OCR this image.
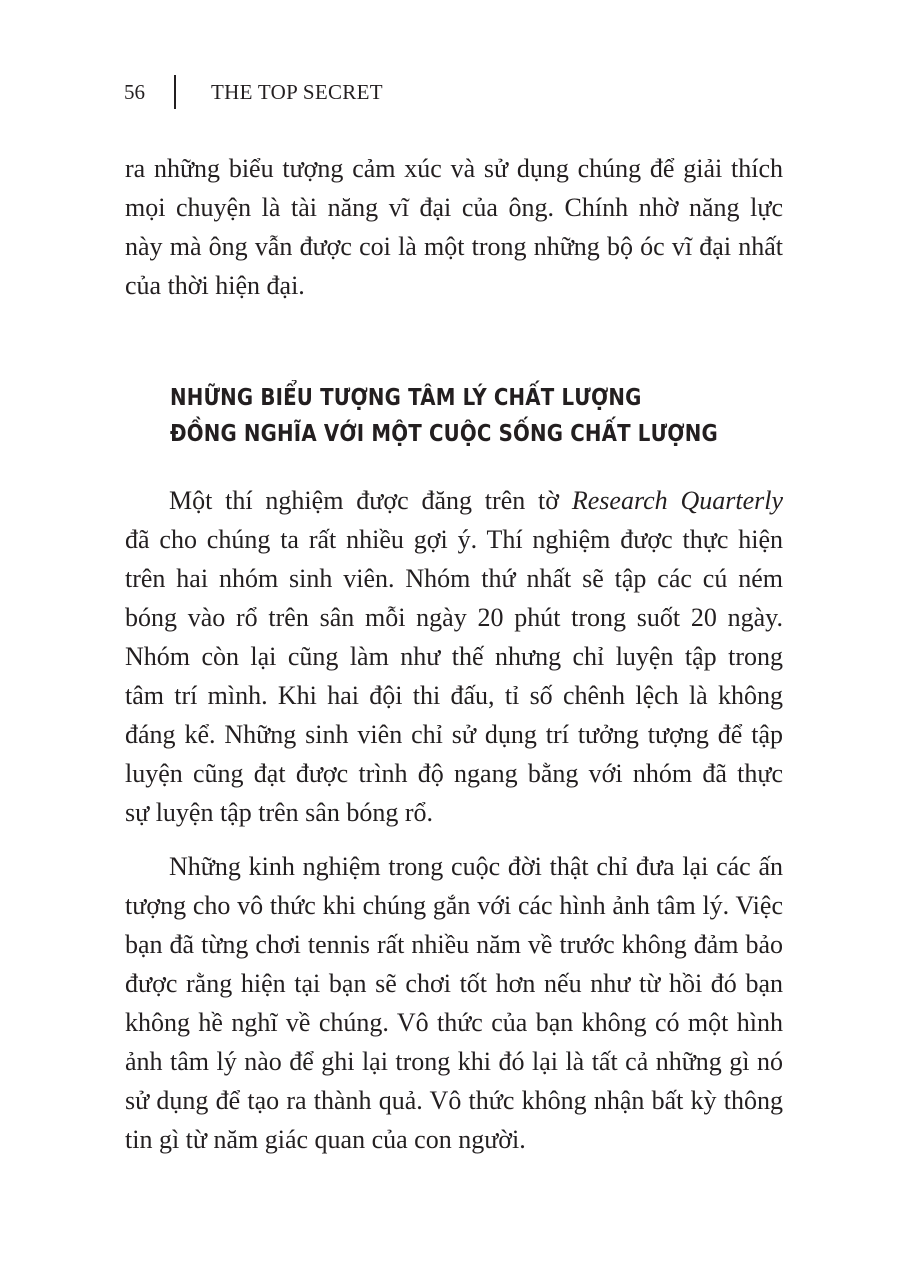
56	THE TOP SECRET
ra những biểu tượng cảm xúc và sử dụng chúng để giải thích
mọi chuyện là tài năng vĩ đại của ông. Chính nhờ năng lực
này mà ông vẫn được coi là một trong những bộ óc vĩ đại nhất
của thời hiện đại.
NHỮNG BIỂU TƯỢNG TÂM LÝ CHẤT LƯỢNG
ĐỒNG NGHĨA VỚI MỘT CUỘC SỐNG CHẤT LƯỢNG
Một thí nghiệm được đăng trên tờ Research Quarterly
đã cho chúng ta rất nhiều gợi ý. Thí nghiệm được thực hiện
trên hai nhóm sinh viên. Nhóm thứ nhất sẽ tập các cú ném
bóng vào rổ trên sân mỗi ngày 20 phút trong suốt 20 ngày.
Nhóm còn lại cũng làm như thế nhưng chỉ luyện tập trong
tâm trí mình. Khi hai đội thi đấu, tỉ số chênh lệch là không
đáng kể. Những sinh viên chỉ sử dụng trí tưởng tượng để tập
luyện cũng đạt được trình độ ngang bằng với nhóm đã thực
sự luyện tập trên sân bóng rổ.
Những kinh nghiệm trong cuộc đời thật chỉ đưa lại các ấn
tượng cho vô thức khi chúng gắn với các hình ảnh tâm lý. Việc
bạn đã từng chơi tennis rất nhiều năm về trước không đảm bảo
được rằng hiện tại bạn sẽ chơi tốt hơn nếu như từ hồi đó bạn
không hề nghĩ về chúng. Vô thức của bạn không có một hình
ảnh tâm lý nào để ghi lại trong khi đó lại là tất cả những gì nó
sử dụng để tạo ra thành quả. Vô thức không nhận bất kỳ thông
tin gì từ năm giác quan của con người.
